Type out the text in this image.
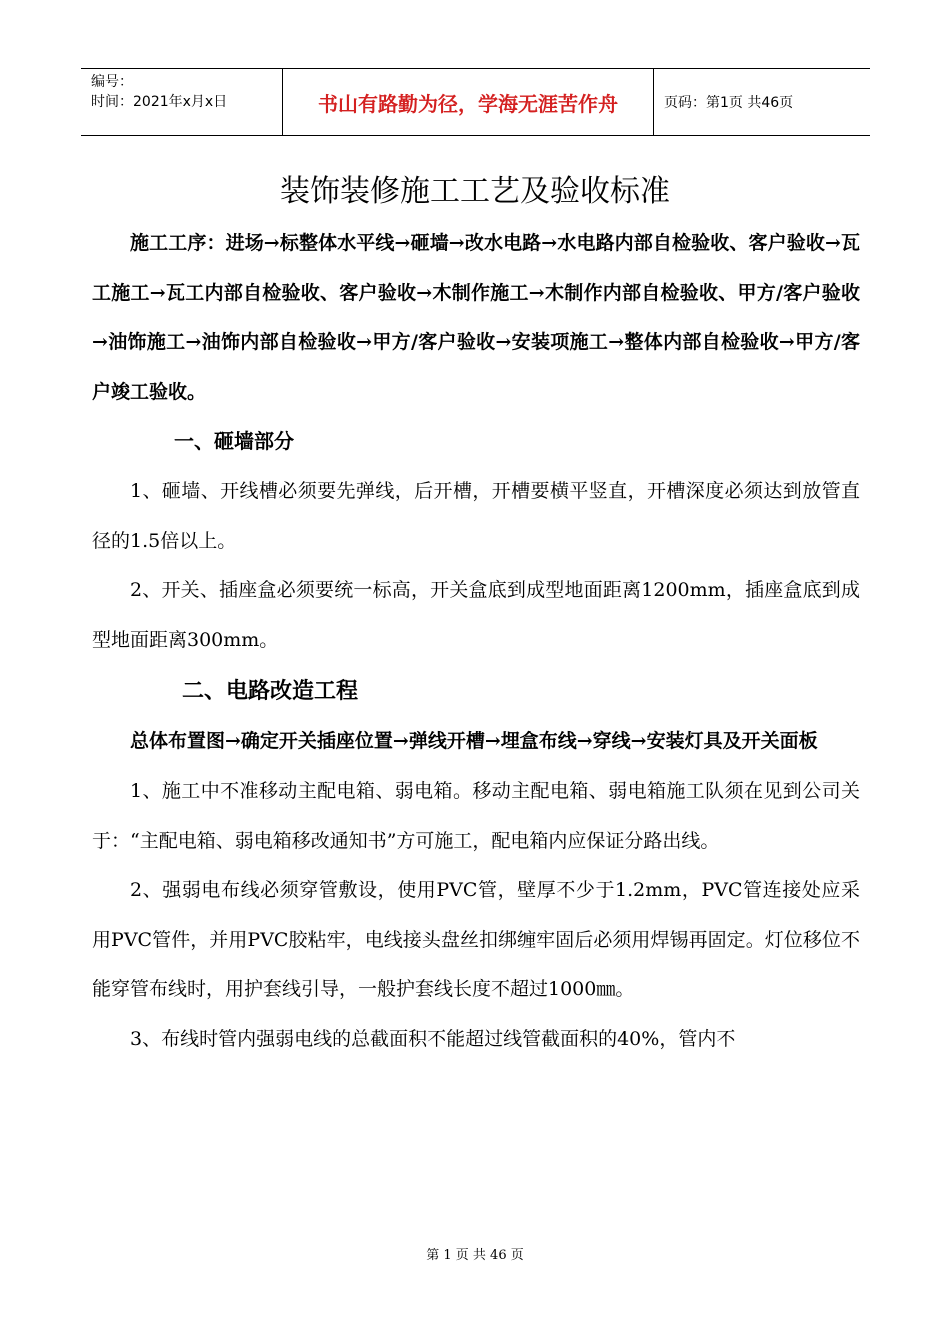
编号：
时间：2021年x月x日	书山有路勤为径，学海无涯苦作舟	页码：第1页 共46页
装饰装修施工工艺及验收标准

施工工序：进场→标整体水平线→砸墙→改水电路→水电路内部自检验收、客户验收→瓦工施工→瓦工内部自检验收、客户验收→木制作施工→木制作内部自检验收、甲方/客户验收→油饰施工→油饰内部自检验收→甲方/客户验收→安装项施工→整体内部自检验收→甲方/客户竣工验收。

一、砸墙部分

1、砸墙、开线槽必须要先弹线，后开槽，开槽要横平竖直，开槽深度必须达到放管直径的1.5倍以上。

2、开关、插座盒必须要统一标高，开关盒底到成型地面距离1200mm，插座盒底到成型地面距离300mm。

二、电路改造工程

总体布置图→确定开关插座位置→弹线开槽→埋盒布线→穿线→安装灯具及开关面板

1、施工中不准移动主配电箱、弱电箱。移动主配电箱、弱电箱施工队须在见到公司关于：“主配电箱、弱电箱移改通知书”方可施工，配电箱内应保证分路出线。

2、强弱电布线必须穿管敷设，使用PVC管，壁厚不少于1.2mm，PVC管连接处应采用PVC管件，并用PVC胶粘牢，电线接头盘丝扣绑缠牢固后必须用焊锡再固定。灯位移位不能穿管布线时，用护套线引导，一般护套线长度不超过1000㎜。

3、布线时管内强弱电线的总截面积不能超过线管截面积的40%，管内不

第 1 页 共 46 页
